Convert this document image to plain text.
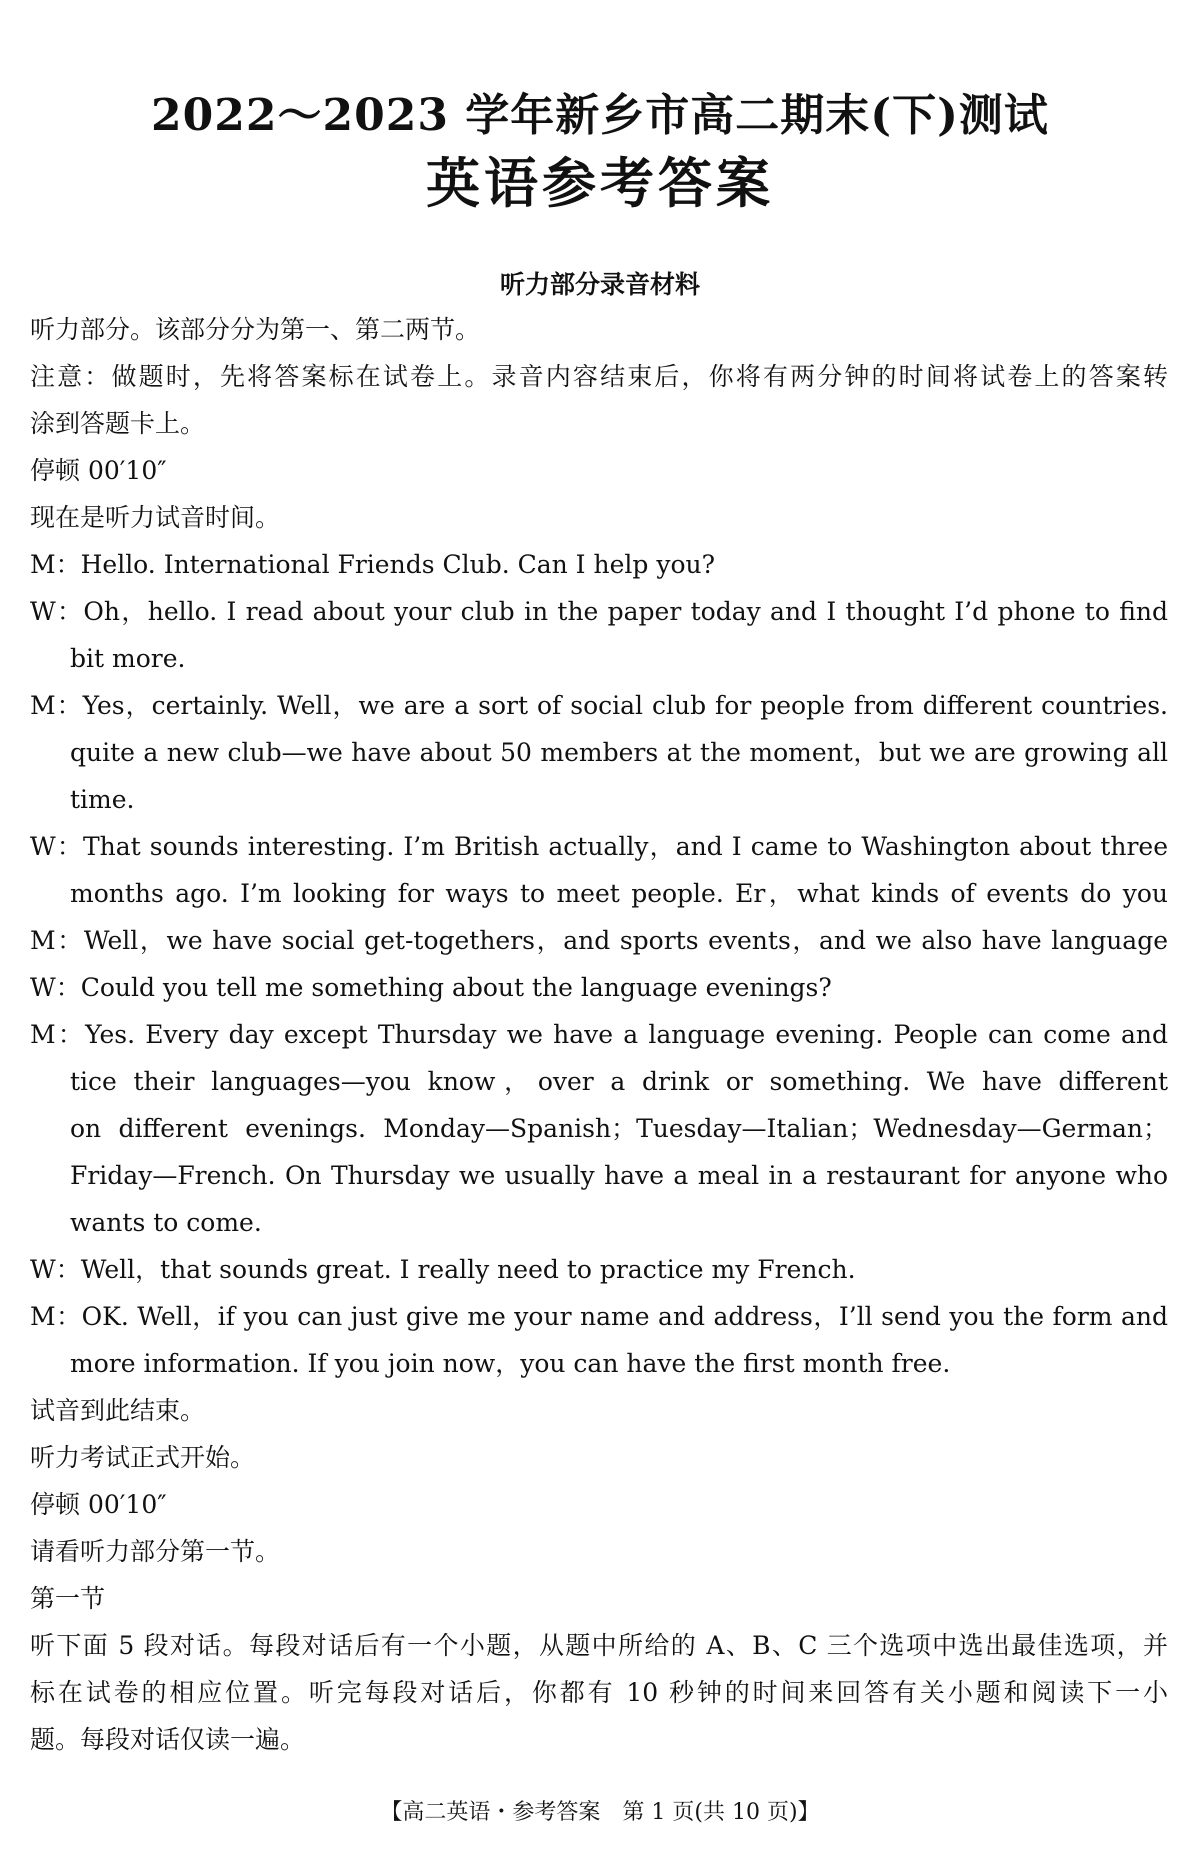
2022～2023 学年新乡市高二期末(下)测试
英语参考答案
听力部分录音材料
听力部分。该部分分为第一、第二两节。
注意：做题时，先将答案标在试卷上。录音内容结束后，你将有两分钟的时间将试卷上的答案转
涂到答题卡上。
停顿 00′10″
现在是听力试音时间。
M：Hello. International Friends Club. Can I help you?
W：Oh，hello. I read about your club in the paper today and I thought I’d phone to find
bit more.
M：Yes，certainly. Well，we are a sort of social club for people from different countries.
quite a new club—we have about 50 members at the moment，but we are growing all
time.
W：That sounds interesting. I’m British actually，and I came to Washington about three
months ago. I’m looking for ways to meet people. Er，what kinds of events do you
M：Well，we have social get-togethers，and sports events，and we also have language
W：Could you tell me something about the language evenings?
M：Yes. Every day except Thursday we have a language evening. People can come and
tice their languages—you know，over a drink or something. We have different
on different evenings. Monday—Spanish；Tuesday—Italian；Wednesday—German；
Friday—French. On Thursday we usually have a meal in a restaurant for anyone who
wants to come.
W：Well，that sounds great. I really need to practice my French.
M：OK. Well，if you can just give me your name and address，I’ll send you the form and
more information. If you join now，you can have the first month free.
试音到此结束。
听力考试正式开始。
停顿 00′10″
请看听力部分第一节。
第一节
听下面 5 段对话。每段对话后有一个小题，从题中所给的 A、B、C 三个选项中选出最佳选项，并
标在试卷的相应位置。听完每段对话后，你都有 10 秒钟的时间来回答有关小题和阅读下一小
题。每段对话仅读一遍。
【高二英语・参考答案　第 1 页(共 10 页)】
